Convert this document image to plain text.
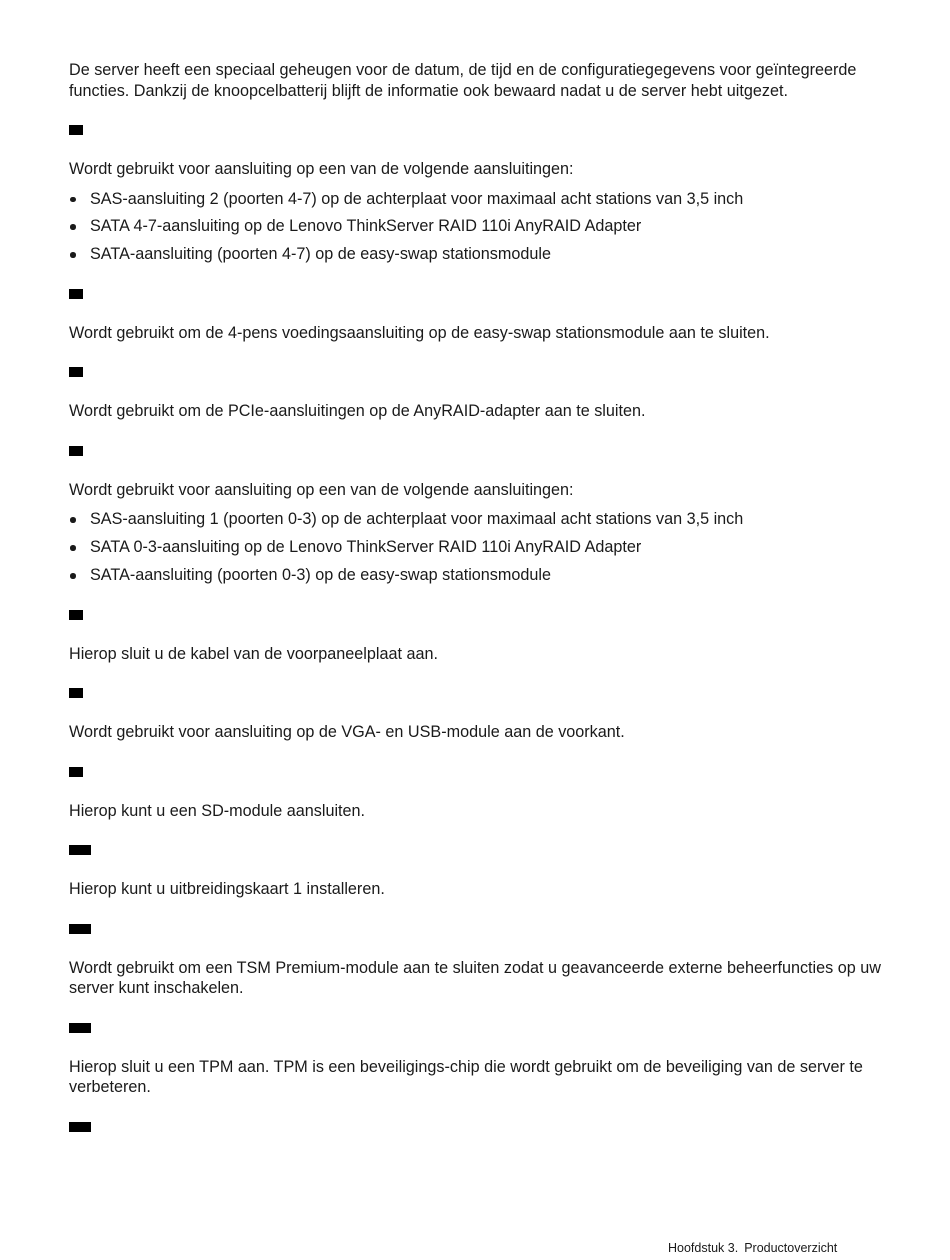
De server heeft een speciaal geheugen voor de datum, de tijd en de configuratiegegevens voor geïntegreerde functies. Dankzij de knoopcelbatterij blijft de informatie ook bewaard nadat u de server hebt uitgezet.

Wordt gebruikt voor aansluiting op een van de volgende aansluitingen:

SAS-aansluiting 2 (poorten 4-7) op de achterplaat voor maximaal acht stations van 3,5 inch
SATA 4-7-aansluiting op de Lenovo ThinkServer RAID 110i AnyRAID Adapter
SATA-aansluiting (poorten 4-7) op de easy-swap stationsmodule

Wordt gebruikt om de 4-pens voedingsaansluiting op de easy-swap stationsmodule aan te sluiten.

Wordt gebruikt om de PCIe-aansluitingen op de AnyRAID-adapter aan te sluiten.

Wordt gebruikt voor aansluiting op een van de volgende aansluitingen:

SAS-aansluiting 1 (poorten 0-3) op de achterplaat voor maximaal acht stations van 3,5 inch
SATA 0-3-aansluiting op de Lenovo ThinkServer RAID 110i AnyRAID Adapter
SATA-aansluiting (poorten 0-3) op de easy-swap stationsmodule

Hierop sluit u de kabel van de voorpaneelplaat aan.

Wordt gebruikt voor aansluiting op de VGA- en USB-module aan de voorkant.

Hierop kunt u een SD-module aansluiten.

Hierop kunt u uitbreidingskaart 1 installeren.

Wordt gebruikt om een TSM Premium-module aan te sluiten zodat u geavanceerde externe beheerfuncties op uw server kunt inschakelen.

Hierop sluit u een TPM aan. TPM is een beveiligings-chip die wordt gebruikt om de beveiliging van de server te verbeteren.

Hoofdstuk 3. Productoverzicht
